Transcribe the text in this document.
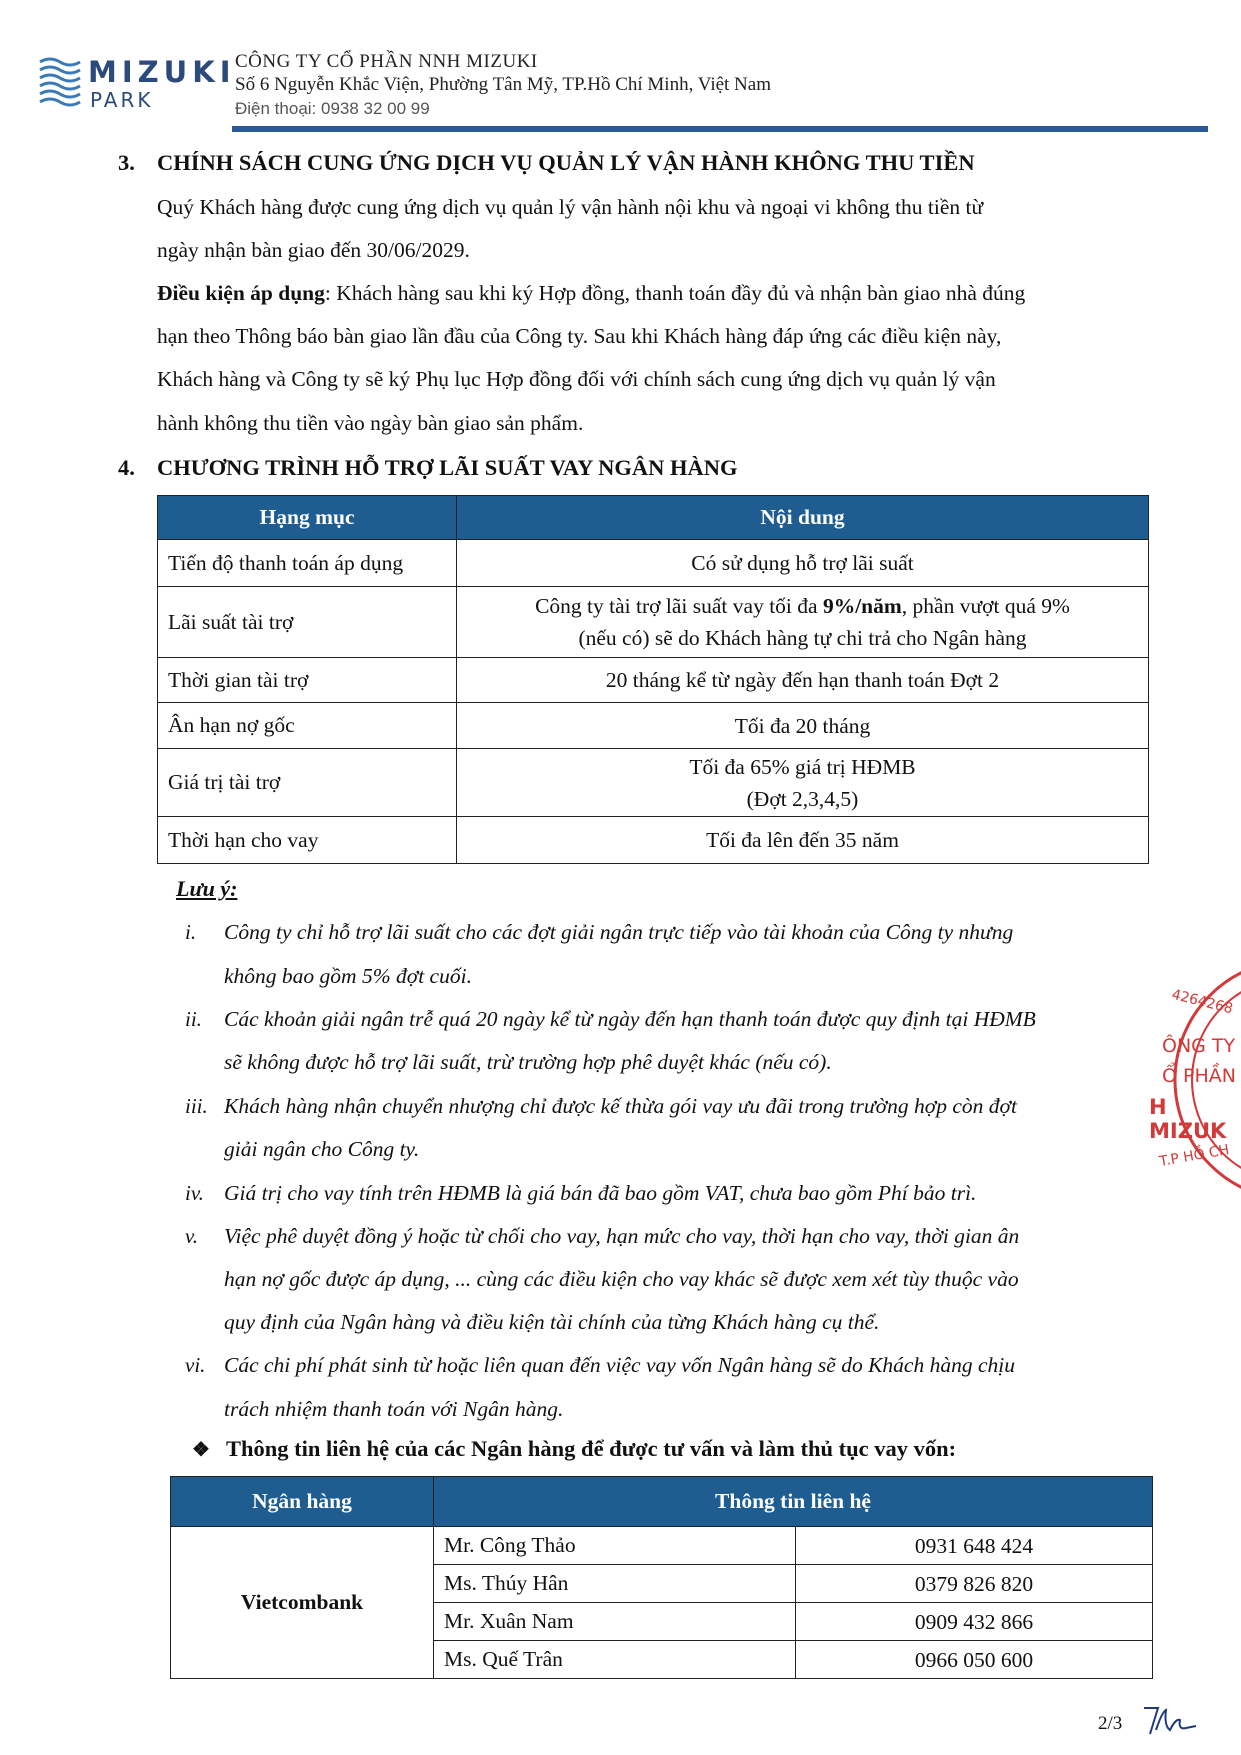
MIZUKI
PARK
CÔNG TY CỔ PHẦN NNH MIZUKI
Số 6 Nguyễn Khắc Viện, Phường Tân Mỹ, TP.Hồ Chí Minh, Việt Nam
Điện thoại: 0938 32 00 99
3. CHÍNH SÁCH CUNG ỨNG DỊCH VỤ QUẢN LÝ VẬN HÀNH KHÔNG THU TIỀN
Quý Khách hàng được cung ứng dịch vụ quản lý vận hành nội khu và ngoại vi không thu tiền từ
ngày nhận bàn giao đến 30/06/2029.
Điều kiện áp dụng: Khách hàng sau khi ký Hợp đồng, thanh toán đầy đủ và nhận bàn giao nhà đúng
hạn theo Thông báo bàn giao lần đầu của Công ty. Sau khi Khách hàng đáp ứng các điều kiện này,
Khách hàng và Công ty sẽ ký Phụ lục Hợp đồng đối với chính sách cung ứng dịch vụ quản lý vận
hành không thu tiền vào ngày bàn giao sản phẩm.
4. CHƯƠNG TRÌNH HỖ TRỢ LÃI SUẤT VAY NGÂN HÀNG
Hạng mục	Nội dung
Tiến độ thanh toán áp dụng	Có sử dụng hỗ trợ lãi suất
Lãi suất tài trợ	Công ty tài trợ lãi suất vay tối đa 9%/năm, phần vượt quá 9%
(nếu có) sẽ do Khách hàng tự chi trả cho Ngân hàng

Thời gian tài trợ	20 tháng kể từ ngày đến hạn thanh toán Đợt 2
Ân hạn nợ gốc	Tối đa 20 tháng
Giá trị tài trợ	Tối đa 65% giá trị HĐMB
(Đợt 2,3,4,5)

Thời hạn cho vay	Tối đa lên đến 35 năm
Lưu ý:
i. Công ty chỉ hỗ trợ lãi suất cho các đợt giải ngân trực tiếp vào tài khoản của Công ty nhưng
không bao gồm 5% đợt cuối.
ii. Các khoản giải ngân trễ quá 20 ngày kể từ ngày đến hạn thanh toán được quy định tại HĐMB
sẽ không được hỗ trợ lãi suất, trừ trường hợp phê duyệt khác (nếu có).
iii. Khách hàng nhận chuyển nhượng chỉ được kế thừa gói vay ưu đãi trong trường hợp còn đợt
giải ngân cho Công ty.
iv. Giá trị cho vay tính trên HĐMB là giá bán đã bao gồm VAT, chưa bao gồm Phí bảo trì.
v. Việc phê duyệt đồng ý hoặc từ chối cho vay, hạn mức cho vay, thời hạn cho vay, thời gian ân
hạn nợ gốc được áp dụng, ... cùng các điều kiện cho vay khác sẽ được xem xét tùy thuộc vào
quy định của Ngân hàng và điều kiện tài chính của từng Khách hàng cụ thể.
vi. Các chi phí phát sinh từ hoặc liên quan đến việc vay vốn Ngân hàng sẽ do Khách hàng chịu
trách nhiệm thanh toán với Ngân hàng.
❖ Thông tin liên hệ của các Ngân hàng để được tư vấn và làm thủ tục vay vốn:
Ngân hàng	Thông tin liên hệ	
Vietcombank	Mr. Công Thảo	0931 648 424
	Ms. Thúy Hân	0379 826 820
	Mr. Xuân Nam	0909 432 866
	Ms. Quế Trân	0966 050 600
4264268
ÔNG TY
Ổ PHẦN
H MIZUK
T.P HỒ CH
2/3
